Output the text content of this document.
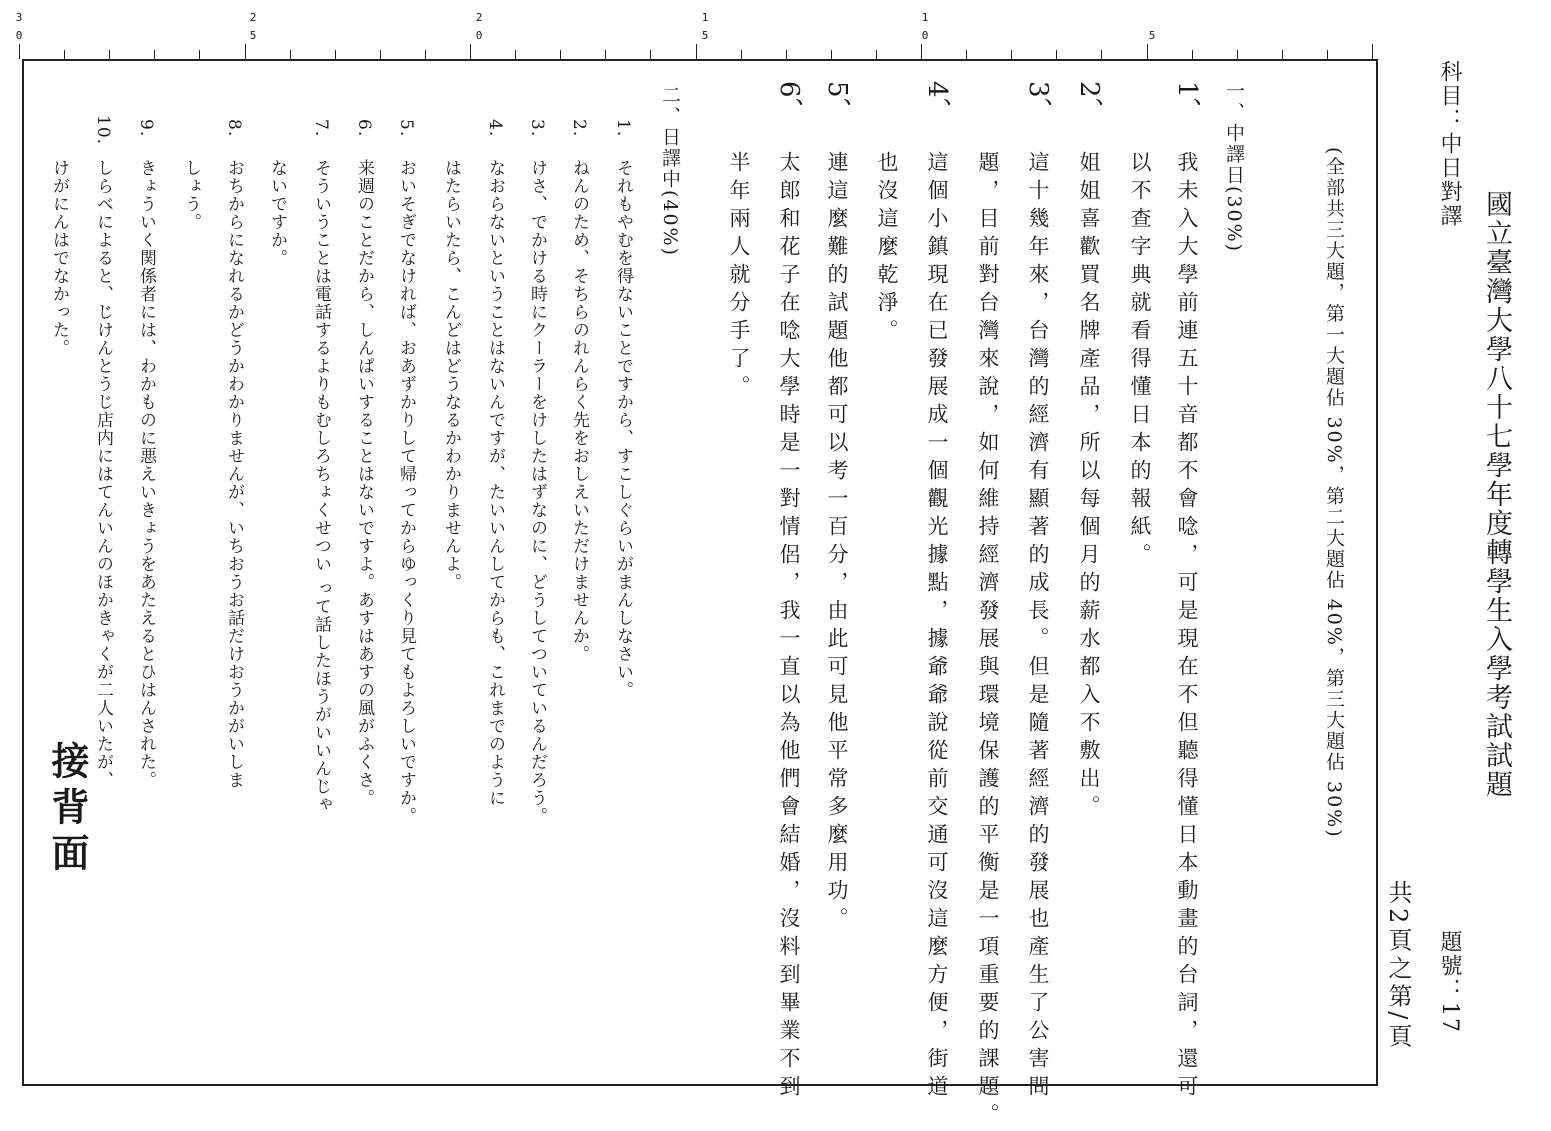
3
0
2
5
2
0
1
5
1
0	5
國立臺灣大學八十七學年度轉學生入學考試試題
科目：中日對譯
題號：17
共2頁之第/頁
(全部共三大題，第一大題佔 30%，第二大題佔 40%，第三大題佔 30%)
一、中譯日(30%)
1、
我未入大學前連五十音都不會唸，可是現在不但聽得懂日本動畫的台詞，還可
以不查字典就看得懂日本的報紙。
2、
姐姐喜歡買名牌產品，所以每個月的薪水都入不敷出。
3、
這十幾年來，台灣的經濟有顯著的成長。但是隨著經濟的發展也產生了公害問
題，目前對台灣來說，如何維持經濟發展與環境保護的平衡是一項重要的課題。
4、
這個小鎮現在已發展成一個觀光據點，據爺爺說從前交通可沒這麼方便，街道
也沒這麼乾淨。
5、
連這麼難的試題他都可以考一百分，由此可見他平常多麼用功。
6、
太郎和花子在唸大學時是一對情侶，我一直以為他們會結婚，沒料到畢業不到
半年兩人就分手了。
二、日譯中(40%)
1.
それもやむを得ないことですから、すこしぐらいがまんしなさい。
2.
ねんのため、そちらのれんらく先をおしえいただけませんか。
3.
けさ、でかける時にクーラーをけしたはずなのに、どうしてついているんだろう。
4.
なおらないということはないんですが、たいいんしてからも、これまでのように
はたらいたら、こんどはどうなるかわかりませんよ。
5.
おいそぎでなければ、おあずかりして帰ってからゆっくり見てもよろしいですか。
6.
来週のことだから、しんぱいすることはないですよ。あすはあすの風がふくさ。
7.
そういうことは電話するよりもむしろちょくせつい って話したほうがいいんじゃ
ないですか。
8.
おちからになれるかどうかわかりませんが、いちおうお話だけおうかがいしま
しょう。
9.
きょういく関係者には、わかものに悪えいきょうをあたえるとひはんされた。
10.
しらべによると、じけんとうじ店内にはてんいんのほかきゃくが二人いたが、
けがにんはでなかった。
接背面
